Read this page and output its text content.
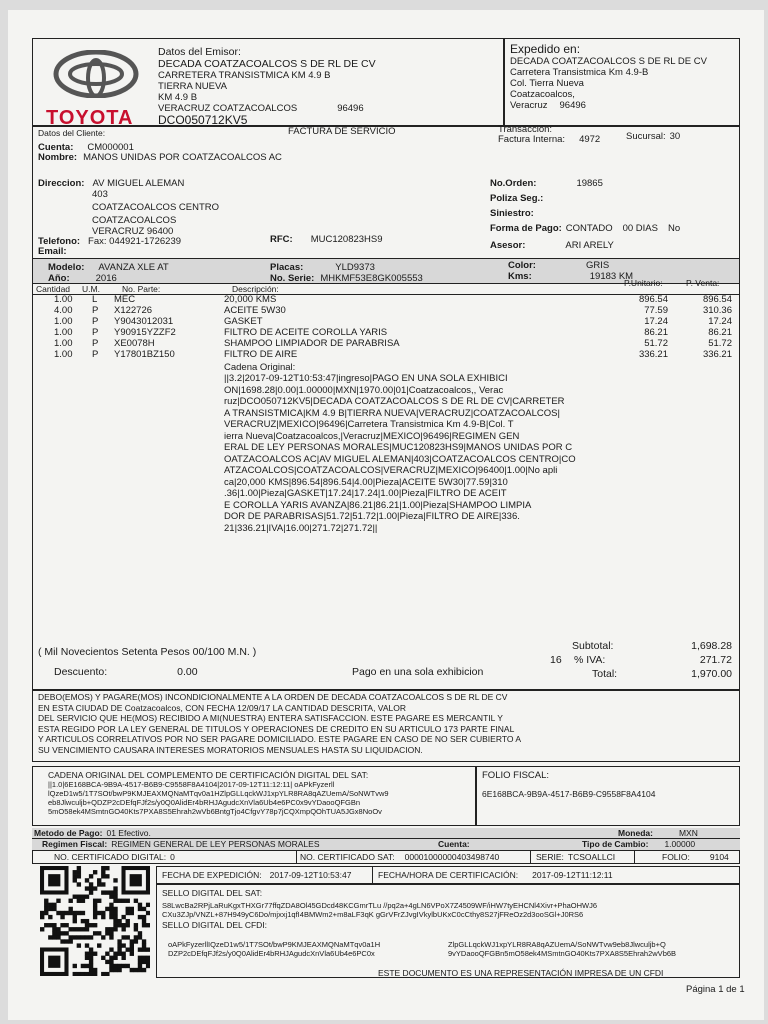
TOYOTA
Datos del Emisor:
DECADA COATZACOALCOS S DE RL DE CV
CARRETERA TRANSISTMICA KM 4.9 B
TIERRA NUEVA
KM 4.9 B
VERACRUZ COATZACOALCOS	96496
DCO050712KV5
Expedido en:
DECADA COATZACOALCOS S DE RL DE CV
Carretera Transistmica Km 4.9-B
Col. Tierra Nueva
Coatzacoalcos,
Veracruz 96496
Datos del Cliente:	FACTURA DE SERVICIO	Transacción:
Factura Interna: 4972	Sucursal: 30
Cuenta: CM000001
Nombre: MANOS UNIDAS POR COATZACOALCOS AC
Direccion: AV MIGUEL ALEMAN
403
COATZACOALCOS CENTRO
COATZACOALCOS
VERACRUZ 96400
Telefono: Fax: 044921-1726239
Email:
RFC: MUC120823HS9
No.Orden:	19865
Poliza Seg.:
Siniestro:
Forma de Pago: CONTADO 00 DIAS No
Asesor:	ARI ARELY
Modelo: AVANZA XLE AT
Año:	2016
Placas:	YLD9373
No. Serie: MHKMF53E8GK005553
Color:	GRIS
Kms:	19183 KM
Cantidad U.M.	No. Parte:	Descripción:
P.Unitario:	P. Venta:
1.00 L MEC	20,000 KMS	896.54	896.54
4.00 P X122726	ACEITE 5W30	77.59	310.36
1.00 P Y9043012031	GASKET	17.24	17.24
1.00 P Y90915YZZF2	FILTRO DE ACEITE COROLLA YARIS	86.21	86.21
1.00 P XE0078H	SHAMPOO LIMPIADOR DE PARABRISA	51.72	51.72
1.00 P Y17801BZ150	FILTRO DE AIRE	336.21	336.21
Cadena Original:
||3.2|2017-09-12T10:53:47|ingreso|PAGO EN UNA SOLA EXHIBICI
ON|1698.28|0.00|1.00000|MXN|1970.00|01|Coatzacoalcos,, Verac
ruz|DCO050712KV5|DECADA COATZACOALCOS S DE RL DE CV|CARRETER
A TRANSISTMICA|KM 4.9 B|TIERRA NUEVA|VERACRUZ|COATZACOALCOS|
VERACRUZ|MEXICO|96496|Carretera Transistmica Km 4.9-B|Col. T
ierra Nueva|Coatzacoalcos,|Veracruz|MEXICO|96496|REGIMEN GEN
ERAL DE LEY PERSONAS MORALES|MUC120823HS9|MANOS UNIDAS POR C
OATZACOALCOS AC|AV MIGUEL ALEMAN|403|COATZACOALCOS CENTRO|CO
ATZACOALCOS|COATZACOALCOS|VERACRUZ|MEXICO|96400|1.00|No apli
ca|20,000 KMS|896.54|896.54|4.00|Pieza|ACEITE 5W30|77.59|310
.36|1.00|Pieza|GASKET|17.24|17.24|1.00|Pieza|FILTRO DE ACEIT
E COROLLA YARIS AVANZA|86.21|86.21|1.00|Pieza|SHAMPOO LIMPIA
DOR DE PARABRISAS|51.72|51.72|1.00|Pieza|FILTRO DE AIRE|336.
21|336.21|IVA|16.00|271.72|271.72||
( Mil Novecientos Setenta Pesos 00/100 M.N. )
Descuento:	0.00	Pago en una sola exhibicion
Subtotal:	1,698.28
16 % IVA:	271.72
Total:	1,970.00
DEBO(EMOS) Y PAGARE(MOS) INCONDICIONALMENTE A LA ORDEN DE DECADA COATZACOALCOS S DE RL DE CV
EN ESTA CIUDAD DE Coatzacoalcos, CON FECHA 12/09/17 LA CANTIDAD DESCRITA, VALOR
DEL SERVICIO QUE HE(MOS) RECIBIDO A MI(NUESTRA) ENTERA SATISFACCION. ESTE PAGARE ES MERCANTIL Y
ESTA REGIDO POR LA LEY GENERAL DE TITULOS Y OPERACIONES DE CREDITO EN SU ARTICULO 173 PARTE FINAL
Y ARTICULOS CORRELATIVOS POR NO SER PAGARE DOMICILIADO. ESTE PAGARE EN CASO DE NO SER CUBIERTO A
SU VENCIMIENTO CAUSARA INTERESES MORATORIOS MENSUALES HASTA SU LIQUIDACION.
CADENA ORIGINAL DEL COMPLEMENTO DE CERTIFICACIÓN DIGITAL DEL SAT:
||1.0|6E168BCA-9B9A-4517-B6B9-C9558F8A4104|2017-09-12T11:12:11| oAPkFyzerll
lQzeD1w5/1T7SOt/bwP9KMJEAXMQNaMTqv0a1HZlpGLLqckWJ1xpYLR8RA8qAZUemA/SoNWTvw9
eb8Jlwculjb+QDZP2cDEfqFJf2s/y0Q0AlidEr4bRHJAgudcXnVla6Ub4e6PC0x9vYDaooQFGBn
5mO58ek4MSmtnGO40Kts7PXA8S5Ehrah2wVb6BntgTjo4CfgvY78p7jCQXmpQOhTUA5JGx8NoOv
FOLIO FISCAL:
6E168BCA-9B9A-4517-B6B9-C9558F8A4104
Metodo de Pago: 01 Efectivo.	Moneda:	MXN
Regimen Fiscal: REGIMEN GENERAL DE LEY PERSONAS MORALES	Cuenta:	Tipo de Cambio: 1.00000
NO. CERTIFICADO DIGITAL: 0	NO. CERTIFICADO SAT: 00001000000403498740	SERIE: TCSOALLCI	FOLIO: 9104
FECHA DE EXPEDICIÓN: 2017-09-12T10:53:47	FECHA/HORA DE CERTIFICACIÓN: 2017-09-12T11:12:11
SELLO DIGITAL DEL SAT:
S8LwcBa2RPjLaRuKgxTHXGr77ffqZDA8Ol45GDcd48KCGmrTLu //pq2a+4gLN6VPoX7Z4509WF/iHW7tyEHCNl4Xivr+PhaOHWJ6
CXu3ZJp/VNZL+87H949yC6Do/mjxxj1qfI4BMWm2+m8aLF3qK gGrVFrZJvgIVkylbUKxC0cCthy8S27jFReOz2d3ooSGl+J0RS6
SELLO DIGITAL DEL CFDI:
oAPkFyzerllIQzeD1w5/1T7SOt/bwP9KMJEAXMQNaMTqv0a1H
DZP2cDEfqFJf2s/y0Q0AlidEr4bRHJAgudcXnVla6Ub4e6PC0x
ZlpGLLqckWJ1xpYLR8RA8qAZUemA/SoNWTvw9eb8Jlwculjb+Q
9vYDaooQFGBn5mO58ek4MSmtnGO40Kts7PXA8S5Ehrah2wVb6B
ESTE DOCUMENTO ES UNA REPRESENTACIÓN IMPRESA DE UN CFDI
Página 1 de 1
